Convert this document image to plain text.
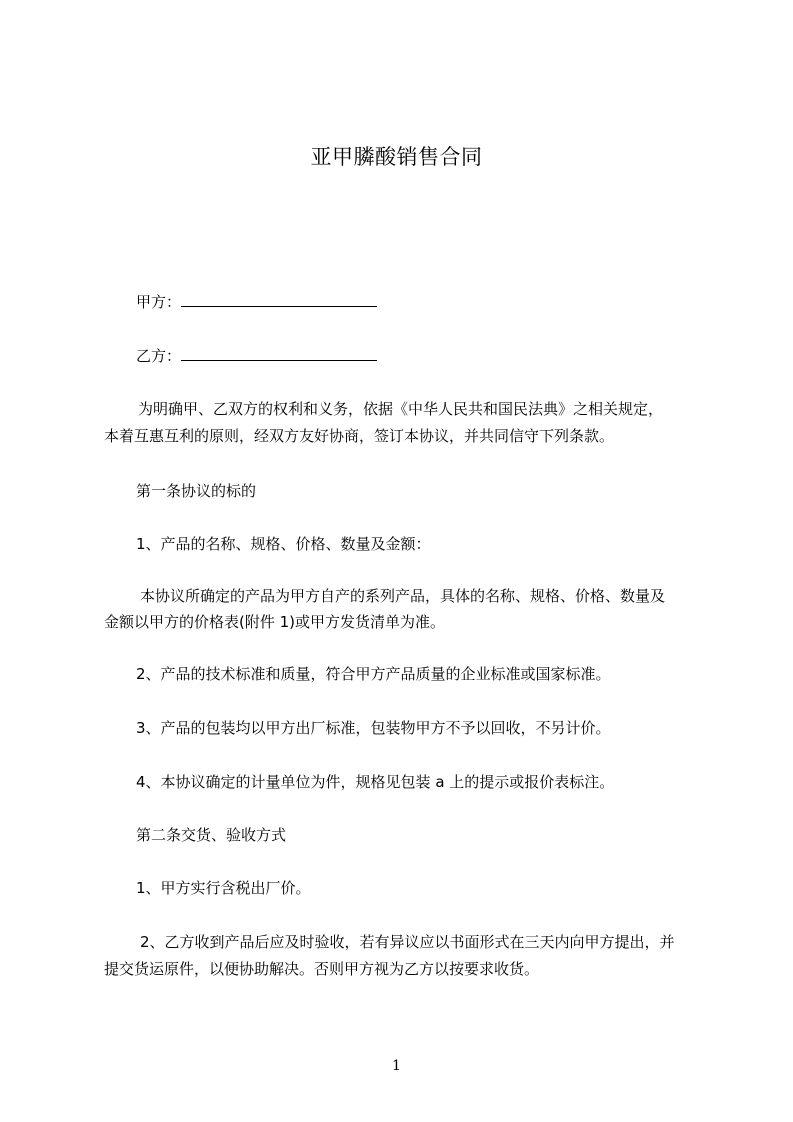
亚甲膦酸销售合同
甲方：
乙方：
为明确甲、乙双方的权利和义务，依据《中华人民共和国民法典》之相关规定，
本着互惠互利的原则，经双方友好协商，签订本协议，并共同信守下列条款。
第一条协议的标的
1、产品的名称、规格、价格、数量及金额：
本协议所确定的产品为甲方自产的系列产品，具体的名称、规格、价格、数量及
金额以甲方的价格表(附件 1)或甲方发货清单为准。
2、产品的技术标准和质量，符合甲方产品质量的企业标准或国家标准。
3、产品的包装均以甲方出厂标准，包装物甲方不予以回收，不另计价。
4、本协议确定的计量单位为件，规格见包装 a 上的提示或报价表标注。
第二条交货、验收方式
1、甲方实行含税出厂价。
2、乙方收到产品后应及时验收，若有异议应以书面形式在三天内向甲方提出，并
提交货运原件，以便协助解决。否则甲方视为乙方以按要求收货。
1
